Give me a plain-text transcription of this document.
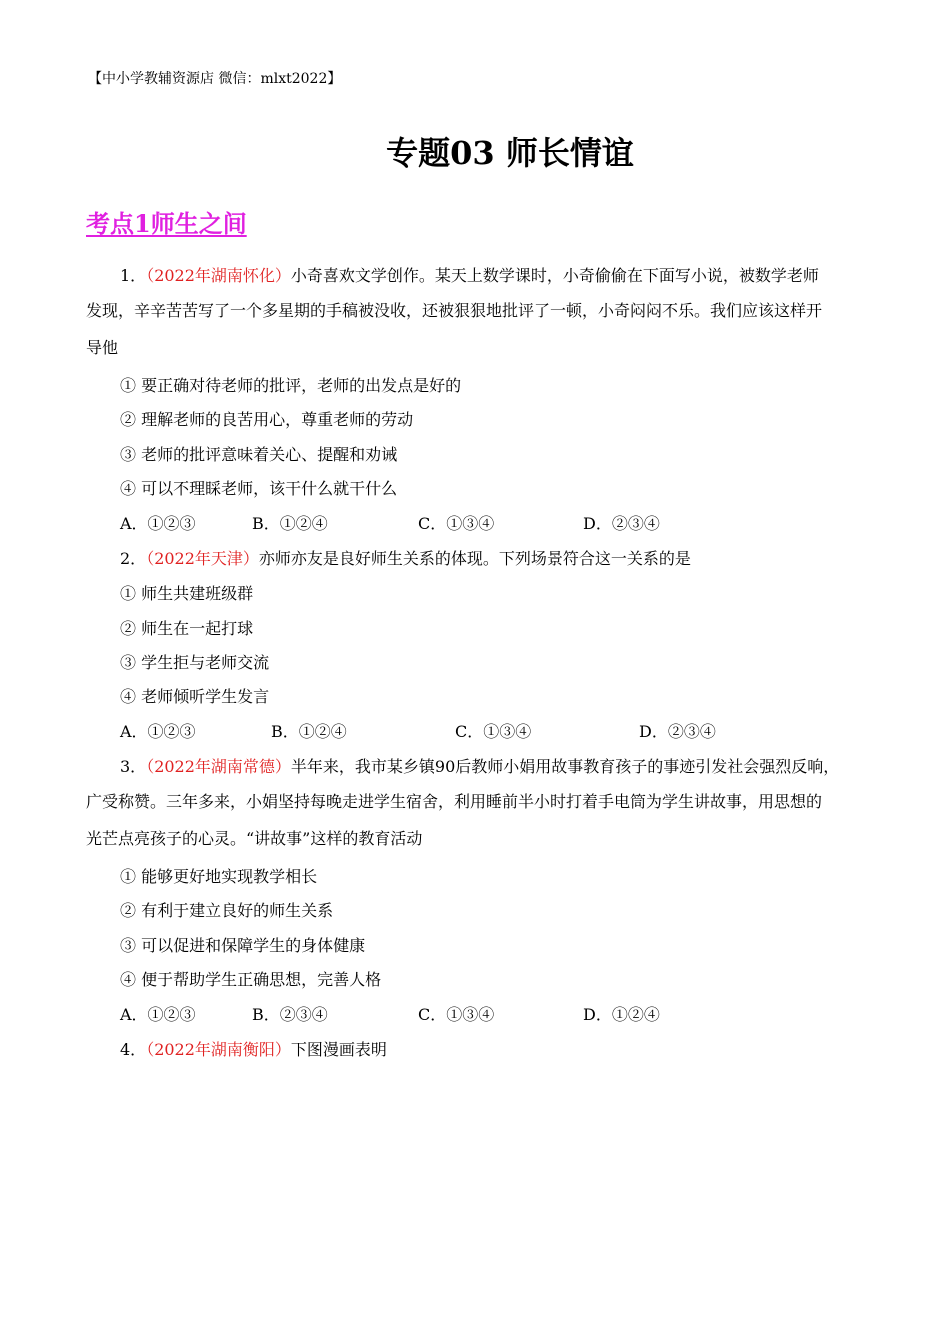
【中小学教辅资源店 微信：mlxt2022】
专题03 师长情谊
考点1师生之间
1．（2022年湖南怀化）小奇喜欢文学创作。某天上数学课时，小奇偷偷在下面写小说，被数学老师
发现，辛辛苦苦写了一个多星期的手稿被没收，还被狠狠地批评了一顿，小奇闷闷不乐。我们应该这样开
导他
① 要正确对待老师的批评，老师的出发点是好的
② 理解老师的良苦用心，尊重老师的劳动
③ 老师的批评意味着关心、提醒和劝诫
④ 可以不理睬老师，该干什么就干什么
A．①②③	B．①②④	C．①③④	D．②③④
2．（2022年天津）亦师亦友是良好师生关系的体现。下列场景符合这一关系的是
① 师生共建班级群
② 师生在一起打球
③ 学生拒与老师交流
④ 老师倾听学生发言
A．①②③	B．①②④	C．①③④	D．②③④
3．（2022年湖南常德）半年来，我市某乡镇90后教师小娟用故事教育孩子的事迹引发社会强烈反响，
广受称赞。三年多来，小娟坚持每晚走进学生宿舍，利用睡前半小时打着手电筒为学生讲故事，用思想的
光芒点亮孩子的心灵。“讲故事”这样的教育活动
① 能够更好地实现教学相长
② 有利于建立良好的师生关系
③ 可以促进和保障学生的身体健康
④ 便于帮助学生正确思想，完善人格
A．①②③	B．②③④	C．①③④	D．①②④
4．（2022年湖南衡阳）下图漫画表明
